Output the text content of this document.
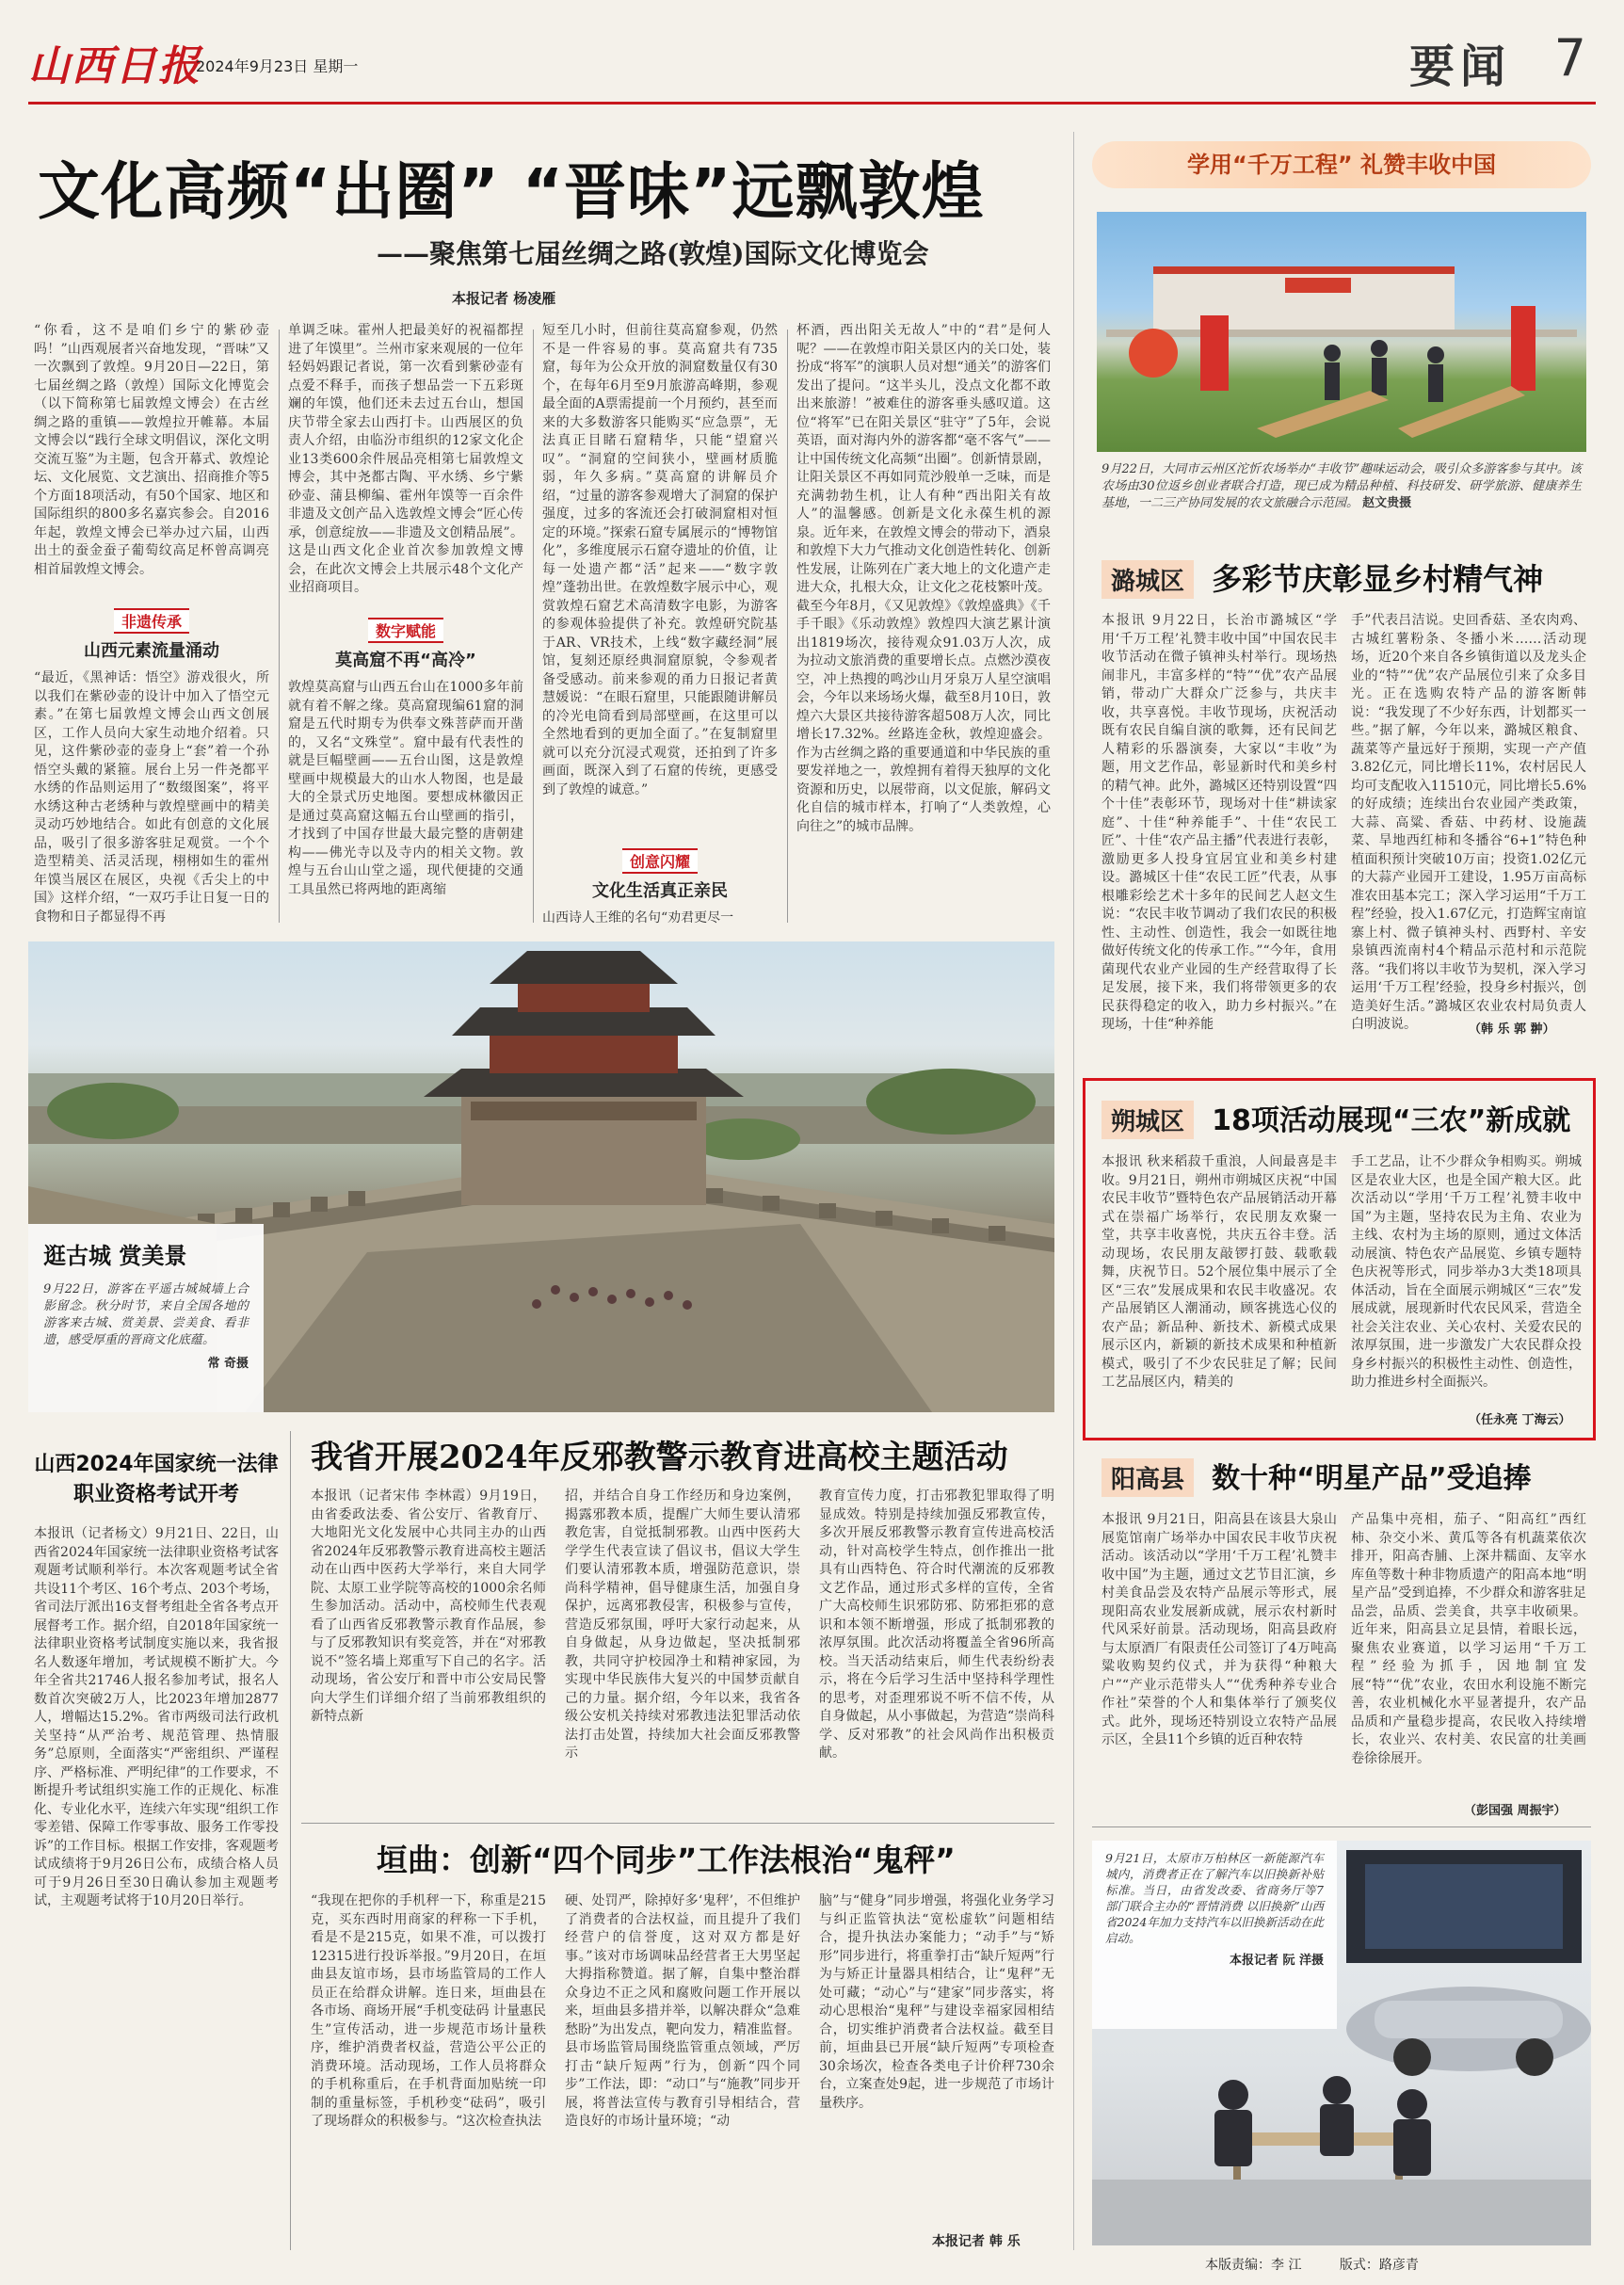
山西日报
2024年9月23日 星期一	要闻 7
文化高频“出圈” “晋味”远飘敦煌
——聚焦第七届丝绸之路(敦煌)国际文化博览会
本报记者 杨凌雁
“你看，这不是咱们乡宁的紫砂壶吗！”山西观展者兴奋地发现，“晋味”又一次飘到了敦煌。9月20日—22日，第七届丝绸之路（敦煌）国际文化博览会（以下简称第七届敦煌文博会）在古丝绸之路的重镇——敦煌拉开帷幕。本届文博会以“践行全球文明倡议，深化文明交流互鉴”为主题，包含开幕式、敦煌论坛、文化展览、文艺演出、招商推介等5个方面18项活动，有50个国家、地区和国际组织的800多名嘉宾参会。自2016年起，敦煌文博会已举办过六届，山西出土的蚕金蚕子葡萄纹高足杯曾高调亮相首届敦煌文博会。
非遗传承
山西元素流量涌动
“最近，《黑神话：悟空》游戏很火，所以我们在紫砂壶的设计中加入了悟空元素。”在第七届敦煌文博会山西文创展区，工作人员向大家生动地介绍着。只见，这件紫砂壶的壶身上“套”着一个孙悟空头戴的紧箍。展台上另一件尧都平水绣的作品则运用了“数缀图案”，将平水绣这种古老绣种与敦煌壁画中的精美灵动巧妙地结合。如此有创意的文化展品，吸引了很多游客驻足观赏。一个个造型精美、活灵活现，栩栩如生的霍州年馍当展区在展区，央视《舌尖上的中国》这样介绍，“一双巧手让日复一日的食物和日子都显得不再
单调乏味。霍州人把最美好的祝福都捏进了年馍里”。兰州市家来观展的一位年轻妈妈跟记者说，第一次看到紫砂壶有点爱不释手，而孩子想品尝一下五彩斑斓的年馍，他们还未去过五台山，想国庆节带全家去山西打卡。山西展区的负责人介绍，由临汾市组织的12家文化企业13类600余件展品亮相第七届敦煌文博会，其中尧都古陶、平水绣、乡宁紫砂壶、蒲县柳编、霍州年馍等一百余件非遗及文创产品入选敦煌文博会“匠心传承，创意绽放——非遗及文创精品展”。这是山西文化企业首次参加敦煌文博会，在此次文博会上共展示48个文化产业招商项目。
数字赋能
莫高窟不再“高冷”
敦煌莫高窟与山西五台山在1000多年前就有着不解之缘。莫高窟现编61窟的洞窟是五代时期专为供奉文殊菩萨而开凿的，又名“文殊堂”。窟中最有代表性的就是巨幅壁画——五台山图，这是敦煌壁画中规模最大的山水人物图，也是最大的全景式历史地图。要想成林徽因正是通过莫高窟这幅五台山壁画的指引，才找到了中国存世最大最完整的唐朝建构——佛光寺以及寺内的相关文物。敦煌与五台山山堂之遥，现代便捷的交通工具虽然已将两地的距离缩
短至几小时，但前往莫高窟参观，仍然不是一件容易的事。莫高窟共有735窟，每年为公众开放的洞窟数量仅有30个，在每年6月至9月旅游高峰期，参观最全面的A票需提前一个月预约，甚至而来的大多数游客只能购买“应急票”，无法真正目睹石窟精华，只能“望窟兴叹”。“洞窟的空间狭小，壁画材质脆弱，年久多病。”莫高窟的讲解员介绍，“过量的游客参观增大了洞窟的保护强度，过多的客流还会打破洞窟相对恒定的环境。”探索石窟专属展示的“博物馆化”，多维度展示石窟夺遗址的价值，让每一处遗产都“活”起来——“数字敦煌”蓬勃出世。在敦煌数字展示中心，观赏敦煌石窟艺术高清数字电影，为游客的参观体验提供了补充。敦煌研究院基于AR、VR技术，上线“数字藏经洞”展馆，复刻还原经典洞窟原貌，令参观者备受感动。前来参观的甬力日报记者黄慧媛说：“在眼石窟里，只能跟随讲解员的冷光电筒看到局部壁画，在这里可以全然地看到的更加全面了。”在复制窟里就可以充分沉浸式观赏，还拍到了许多画面，既深入到了石窟的传统，更感受到了敦煌的诚意。”
创意闪耀
文化生活真正亲民
山西诗人王维的名句“劝君更尽一
杯酒，西出阳关无故人”中的“君”是何人呢？——在敦煌市阳关景区内的关口处，装扮成“将军”的演职人员对想“通关”的游客们发出了提问。“这半头儿，没点文化都不敢出来旅游！”被难住的游客垂头感叹道。这位“将军”已在阳关景区“驻守”了5年，会说英语，面对海内外的游客都“毫不客气”——让中国传统文化高频“出圈”。创新情景剧，让阳关景区不再如同荒沙般单一乏味，而是充满勃勃生机，让人有种“西出阳关有故人”的温馨感。创新是文化永葆生机的源泉。近年来，在敦煌文博会的带动下，酒泉和敦煌下大力气推动文化创造性转化、创新性发展，让陈列在广袤大地上的文化遗产走进大众，扎根大众，让文化之花枝繁叶茂。截至今年8月，《又见敦煌》《敦煌盛典》《千手千眼》《乐动敦煌》敦煌四大演艺累计演出1819场次，接待观众91.03万人次，成为拉动文旅消费的重要增长点。点燃沙漠夜空，冲上热搜的鸣沙山月牙泉万人星空演唱会，今年以来场场火爆，截至8月10日，敦煌六大景区共接待游客超508万人次，同比增长17.32%。丝路连金秋，敦煌迎盛会。作为古丝绸之路的重要通道和中华民族的重要发祥地之一，敦煌拥有着得天独厚的文化资源和历史，以展带商，以文促旅，解码文化自信的城市样本，打响了“人类敦煌，心向往之”的城市品牌。
逛古城 赏美景
9月22日，游客在平遥古城城墙上合影留念。秋分时节，来自全国各地的游客来古城、赏美景、尝美食、看非遗，感受厚重的晋商文化底蕴。
常 奇摄
山西2024年国家统一法律职业资格考试开考
本报讯（记者杨文）9月21日、22日，山西省2024年国家统一法律职业资格考试客观题考试顺利举行。本次客观题考试全省共设11个考区、16个考点、203个考场，省司法厅派出16支督考组赴全省各考点开展督考工作。据介绍，自2018年国家统一法律职业资格考试制度实施以来，我省报名人数逐年增加，考试规模不断扩大。今年全省共21746人报名参加考试，报名人数首次突破2万人，比2023年增加2877人，增幅达15.2%。省市两级司法行政机关坚持“从严治考、规范管理、热情服务”总原则，全面落实“严密组织、严谨程序、严格标准、严明纪律”的工作要求，不断提升考试组织实施工作的正规化、标准化、专业化水平，连续六年实现“组织工作零差错、保障工作零事故、服务工作零投诉”的工作目标。根据工作安排，客观题考试成绩将于9月26日公布，成绩合格人员可于9月26日至30日确认参加主观题考试，主观题考试将于10月20日举行。
我省开展2024年反邪教警示教育进高校主题活动
本报讯（记者宋伟 李林霞）9月19日，由省委政法委、省公安厅、省教育厅、大地阳光文化发展中心共同主办的山西省2024年反邪教警示教育进高校主题活动在山西中医药大学举行，来自大同学院、太原工业学院等高校的1000余名师生参加活动。活动中，高校师生代表观看了山西省反邪教警示教育作品展，参与了反邪教知识有奖竞答，并在“对邪教说不”签名墙上郑重写下自己的名字。活动现场，省公安厅和晋中市公安局民警向大学生们详细介绍了当前邪教组织的新特点新
招，并结合自身工作经历和身边案例，揭露邪教本质，提醒广大师生要认清邪教危害，自觉抵制邪教。山西中医药大学学生代表宣读了倡议书，倡议大学生们要认清邪教本质，增强防范意识，崇尚科学精神，倡导健康生活，加强自身保护，远离邪教侵害，积极参与宣传，营造反邪氛围，呼吁大家行动起来，从自身做起，从身边做起，坚决抵制邪教，共同守护校园净土和精神家园，为实现中华民族伟大复兴的中国梦贡献自己的力量。据介绍，今年以来，我省各级公安机关持续对邪教违法犯罪活动依法打击处置，持续加大社会面反邪教警示
教育宣传力度，打击邪教犯罪取得了明显成效。特别是持续加强反邪教宣传，多次开展反邪教警示教育宣传进高校活动，针对高校学生特点，创作推出一批具有山西特色、符合时代潮流的反邪教文艺作品，通过形式多样的宣传，全省广大高校师生识邪防邪、防邪拒邪的意识和本领不断增强，形成了抵制邪教的浓厚氛围。此次活动将覆盖全省96所高校。当天活动结束后，师生代表纷纷表示，将在今后学习生活中坚持科学理性的思考，对歪理邪说不听不信不传，从自身做起，从小事做起，为营造“崇尚科学、反对邪教”的社会风尚作出积极贡献。
垣曲：创新“四个同步”工作法根治“鬼秤”
“我现在把你的手机秤一下，称重是215克，买东西时用商家的秤称一下手机，看是不是215克，如果不准，可以拨打12315进行投诉举报。”9月20日，在垣曲县友谊市场，县市场监管局的工作人员正在给群众讲解。连日来，垣曲县在各市场、商场开展“手机变砝码 计量惠民生”宣传活动，进一步规范市场计量秩序，维护消费者权益，营造公平公正的消费环境。活动现场，工作人员将群众的手机称重后，在手机背面加贴统一印制的重量标签，手机秒变“砝码”，吸引了现场群众的积极参与。“这次检查执法
硬、处罚严，除掉好多‘鬼秤’，不但维护了消费者的合法权益，而且提升了我们经营户的信誉度，这对双方都是好事。”该对市场调味品经营者王大男坚起大拇指称赞道。据了解，自集中整治群众身边不正之风和腐败问题工作开展以来，垣曲县多措并举，以解决群众“急难愁盼”为出发点，靶向发力，精准监督。县市场监管局围绕监管重点领域，严厉打击“缺斤短两”行为，创新“四个同步”工作法，即：“动口”与“施教”同步开展，将普法宣传与教育引导相结合，营造良好的市场计量环境；“动
脑”与“健身”同步增强，将强化业务学习与纠正监管执法“宽松虚软”问题相结合，提升执法办案能力；“动手”与“矫形”同步进行，将重拳打击“缺斤短两”行为与矫正计量器具相结合，让“鬼秤”无处可藏；“动心”与“建家”同步落实，将动心思根治“鬼秤”与建设幸福家园相结合，切实维护消费者合法权益。截至目前，垣曲县已开展“缺斤短两”专项检查30余场次，检查各类电子计价秤730余台，立案查处9起，进一步规范了市场计量秩序。
本报记者 韩 乐
学用“千万工程” 礼赞丰收中国
9月22日，大同市云州区沱忻农场举办“丰收节”趣味运动会，吸引众多游客参与其中。该农场由30位返乡创业者联合打造，现已成为精品种植、科技研发、研学旅游、健康养生基地，一二三产协同发展的农文旅融合示范园。 赵文贵摄
潞城区 多彩节庆彰显乡村精气神
本报讯 9月22日，长治市潞城区“学用‘千万工程’礼赞丰收中国”中国农民丰收节活动在微子镇神头村举行。现场热闹非凡，丰富多样的“特”“优”农产品展销，带动广大群众广泛参与，共庆丰收，共享喜悦。丰收节现场，庆祝活动既有农民自编自演的歌舞，还有民间艺人精彩的乐器演奏，大家以“丰收”为题，用文艺作品，彰显新时代和美乡村的精气神。此外，潞城区还特别设置“四个十佳”表彰环节，现场对十佳“耕读家庭”、十佳“种养能手”、十佳“农民工匠”、十佳“农产品主播”代表进行表彰，激励更多人投身宜居宜业和美乡村建设。潞城区十佳“农民工匠”代表，从事根雕彩绘艺术十多年的民间艺人赵文生说：“农民丰收节调动了我们农民的积极性、主动性、创造性，我会一如既往地做好传统文化的传承工作。”“今年，食用菌现代农业产业园的生产经营取得了长足发展，接下来，我们将带领更多的农民获得稳定的收入，助力乡村振兴。”在现场，十佳“种养能
手”代表吕洁说。史回香菇、圣农肉鸡、古城红薯粉条、冬播小米……活动现场，近20个来自各乡镇街道以及龙头企业的“特”“优”农产品展位引来了众多目光。正在选购农特产品的游客断韩说：“我发现了不少好东西，计划都买一些。”据了解，今年以来，潞城区粮食、蔬菜等产量远好于预期，实现一产产值3.82亿元，同比增长11%，农村居民人均可支配收入11510元，同比增长5.6%的好成绩；连续出台农业园产类政策，大蒜、高粱、香菇、中药材、设施蔬菜、旱地西红柿和冬播谷“6+1”特色种植面积预计突破10万亩；投资1.02亿元的大蒜产业园开工建设，1.95万亩高标准农田基本完工；深入学习运用“千万工程”经验，投入1.67亿元，打造辉宝南谊寨上村、微子镇神头村、西野村、辛安泉镇西流南村4个精品示范村和示范院落。“我们将以丰收节为契机，深入学习运用‘千万工程’经验，投身乡村振兴，创造美好生活。”潞城区农业农村局负责人白明波说。	（韩 乐 郭 翀）
朔城区 18项活动展现“三农”新成就
本报讯 秋来稻菽千重浪，人间最喜是丰收。9月21日，朔州市朔城区庆祝“中国农民丰收节”暨特色农产品展销活动开幕式在崇福广场举行，农民朋友欢聚一堂，共享丰收喜悦，共庆五谷丰登。活动现场，农民朋友敲锣打鼓、载歌载舞，庆祝节日。52个展位集中展示了全区“三农”发展成果和农民丰收盛况。农产品展销区人潮涌动，顾客挑选心仪的农产品；新品种、新技术、新模式成果展示区内，新颖的新技术成果和种植新模式，吸引了不少农民驻足了解；民间工艺品展区内，精美的
手工艺品，让不少群众争相购买。朔城区是农业大区，也是全国产粮大区。此次活动以“学用‘千万工程’礼赞丰收中国”为主题，坚持农民为主角、农业为主线、农村为主场的原则，通过文体活动展演、特色农产品展览、乡镇专题特色庆祝等形式，同步举办3大类18项具体活动，旨在全面展示朔城区“三农”发展成就，展现新时代农民风采，营造全社会关注农业、关心农村、关爱农民的浓厚氛围，进一步激发广大农民群众投身乡村振兴的积极性主动性、创造性，助力推进乡村全面振兴。
（任永亮 丁海云）
阳高县 数十种“明星产品”受追捧
本报讯 9月21日，阳高县在该县大泉山展览馆南广场举办中国农民丰收节庆祝活动。该活动以“学用‘千万工程’礼赞丰收中国”为主题，通过文艺节目汇演，乡村美食品尝及农特产品展示等形式，展现阳高农业发展新成就，展示农村新时代风采好前景。活动现场，阳高县政府与太原酒厂有限责任公司签订了4万吨高粱收购契约仪式，并为获得“种粮大户”“产业示范带头人”“优秀种养专业合作社”荣誉的个人和集体举行了颁奖仪式。此外，现场还特别设立农特产品展示区，全县11个乡镇的近百种农特
产品集中亮相，茄子、“阳高红”西红柿、杂交小米、黄瓜等各有机蔬菜依次排开，阳高杏脯、上深井糯面、友宰水库鱼等数十种非物质遗产的阳高本地“明星产品”受到追捧，不少群众和游客驻足品尝，品质、尝美食，共享丰收硕果。近年来，阳高县立足县情，着眼长远，聚焦农业赛道，以学习运用“千万工程”经验为抓手，因地制宜发展“特”“优”农业，农田水利设施不断完善，农业机械化水平显著提升，农产品品质和产量稳步提高，农民收入持续增长，农业兴、农村美、农民富的壮美画卷徐徐展开。
（彭国强 周振宇）
9月21日，太原市万柏林区一新能源汽车城内，消费者正在了解汽车以旧换新补贴标准。当日，由省发改委、省商务厅等7部门联合主办的“晋情消费 以旧换新”山西省2024年加力支持汽车以旧换新活动在此启动。
本报记者 阮 洋摄
本版责编：李 江	版式：路彦青
